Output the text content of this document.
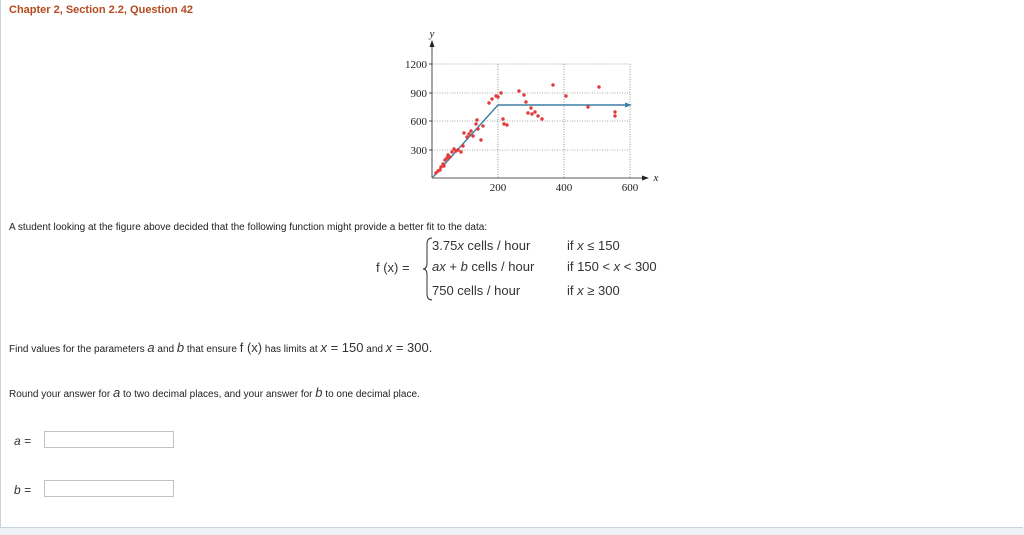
Chapter 2, Section 2.2, Question 42
1200
900
600
300
200	400	600
y
x
A student looking at the figure above decided that the following function might provide a better fit to the data:
f (x) =
3.75x cells / hour	if x ≤ 150
ax + b cells / hour	if 150 < x < 300
750 cells / hour	if x ≥ 300
Find values for the parameters a and b that ensure f (x) has limits at x = 150 and x = 300.
Round your answer for a to two decimal places, and your answer for b to one decimal place.
a =
b =
